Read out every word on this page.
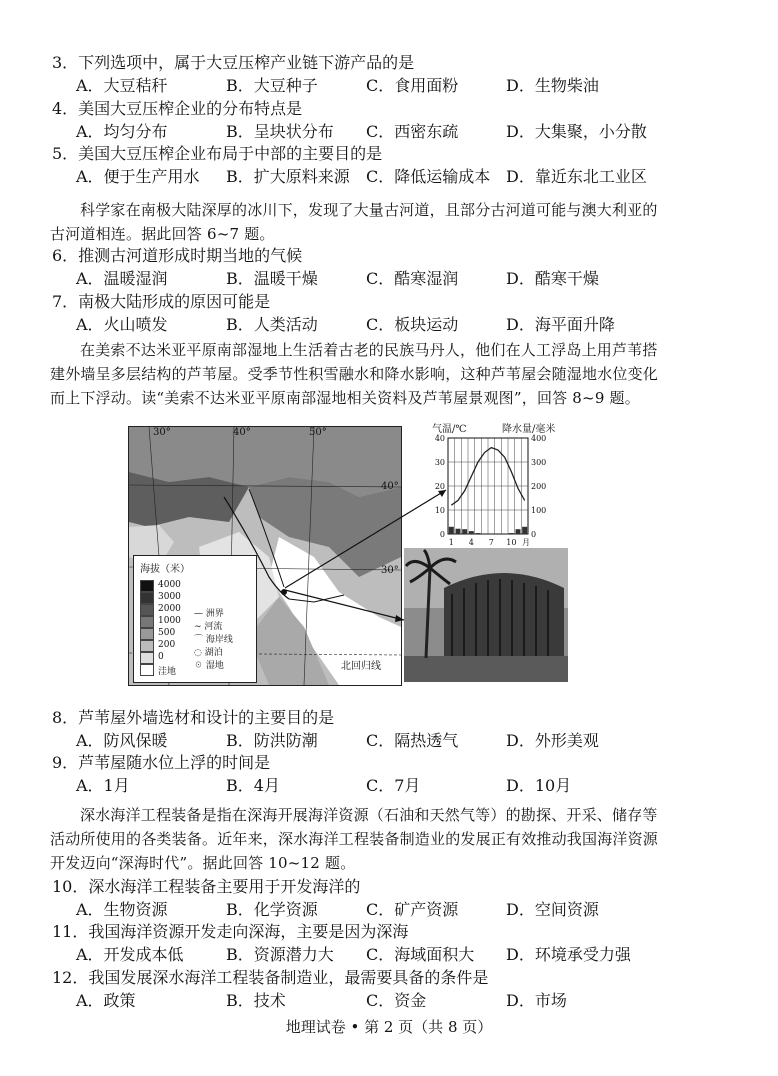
3．下列选项中，属于大豆压榨产业链下游产品的是
A．大豆秸秆	B．大豆种子	C．食用面粉	D．生物柴油
4．美国大豆压榨企业的分布特点是
A．均匀分布	B．呈块状分布 C．西密东疏	D．大集聚，小分散
5．美国大豆压榨企业布局于中部的主要目的是
A．便于生产用水 B．扩大原料来源 C．降低运输成本 D．靠近东北工业区

科学家在南极大陆深厚的冰川下，发现了大量古河道，且部分古河道可能与澳大利亚的

古河道相连。据此回答 6~7 题。

6．推测古河道形成时期当地的气候
A．温暖湿润	B．温暖干燥	C．酷寒湿润	D．酷寒干燥
7．南极大陆形成的原因可能是
A．火山喷发	B．人类活动	C．板块运动	D．海平面升降

在美索不达米亚平原南部湿地上生活着古老的民族马丹人，他们在人工浮岛上用芦苇搭

建外墙呈多层结构的芦苇屋。受季节性积雪融水和降水影响，这种芦苇屋会随湿地水位变化

而上下浮动。读“美索不达米亚平原南部湿地相关资料及芦苇屋景观图”，回答 8~9 题。

30°	40°	50°
40°
30°
北回归线
海拔（米）
4000
3000
2000
1000
500
200
0
洼地
— 洲界
∼ 河流
⌒ 海岸线
◌ 湖泊
☉ 湿地
气温/℃	降水量/毫米
40
30
20
10
0
400
300
200
100
0
1 4 7 10 月
8．芦苇屋外墙选材和设计的主要目的是
A．防风保暖	B．防洪防潮	C．隔热透气	D．外形美观
9．芦苇屋随水位上浮的时间是
A．1月	B．4月	C．7月	D．10月

深水海洋工程装备是指在深海开展海洋资源（石油和天然气等）的勘探、开采、储存等

活动所使用的各类装备。近年来，深水海洋工程装备制造业的发展正有效推动我国海洋资源

开发迈向“深海时代”。据此回答 10~12 题。

10．深水海洋工程装备主要用于开发海洋的
A．生物资源	B．化学资源	C．矿产资源	D．空间资源
11．我国海洋资源开发走向深海，主要是因为深海
A．开发成本低	B．资源潜力大 C．海域面积大 D．环境承受力强
12．我国发展深水海洋工程装备制造业，最需要具备的条件是
A．政策	B．技术	C．资金	D．市场
地理试卷 • 第 2 页（共 8 页）
